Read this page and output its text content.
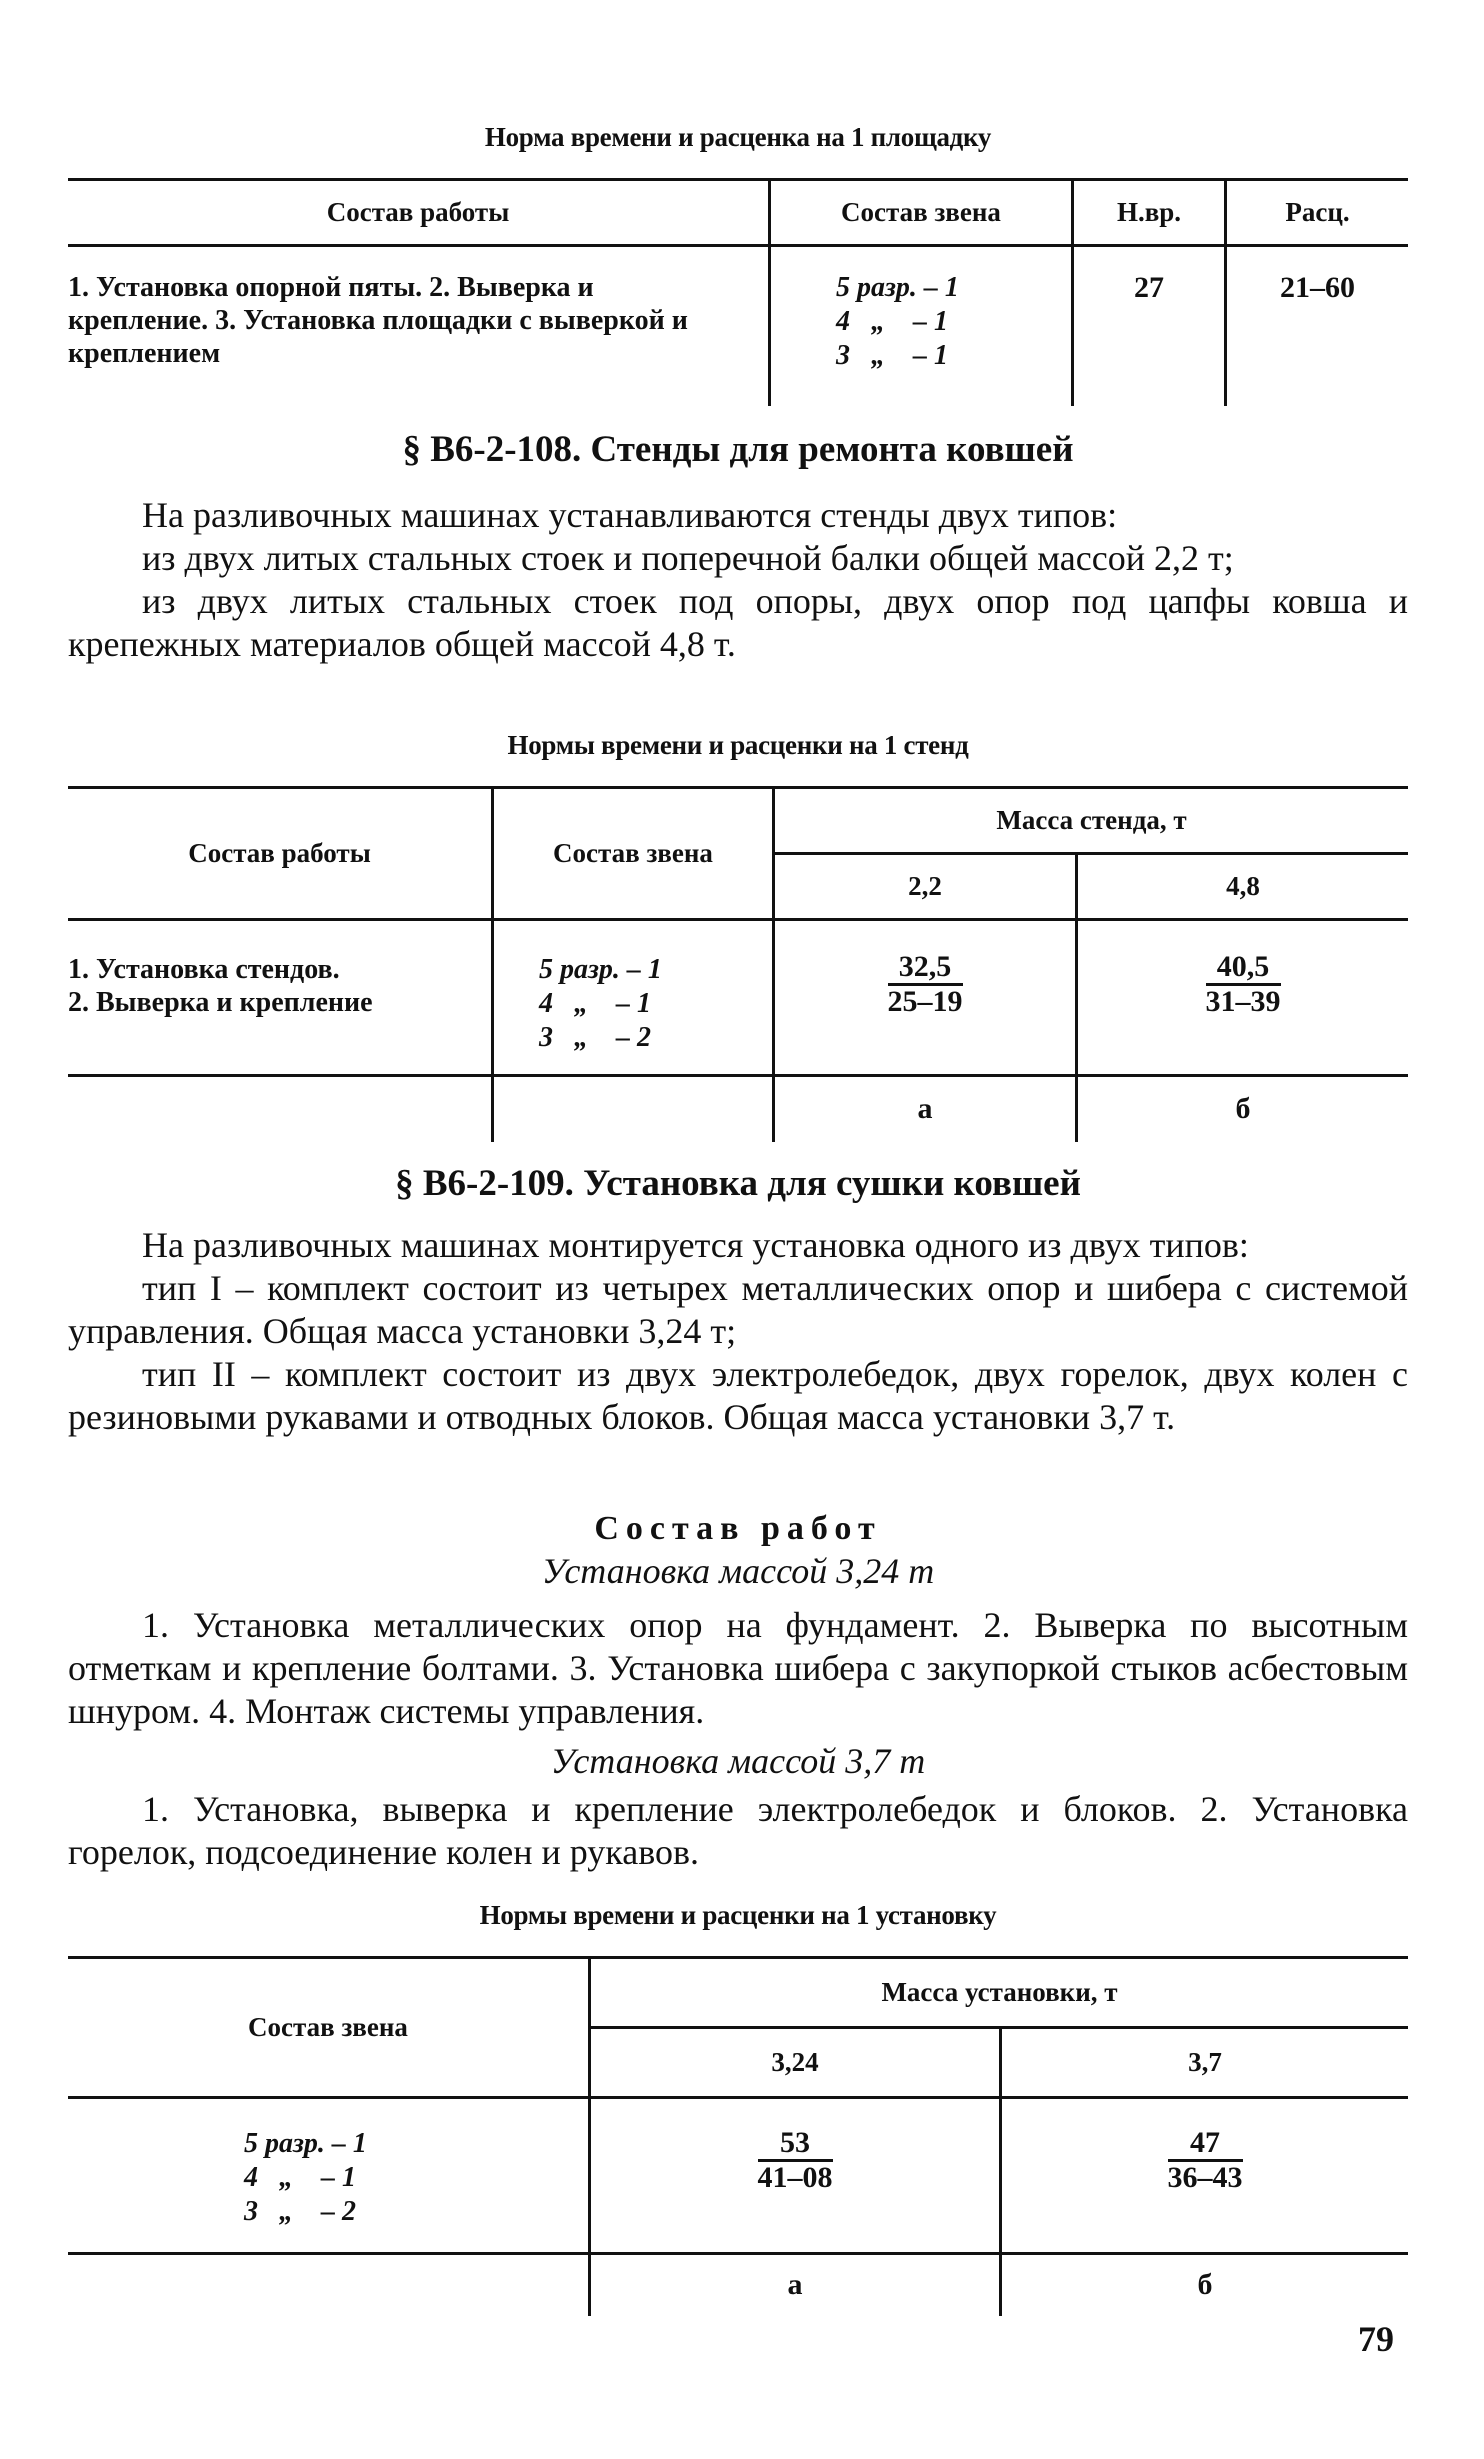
Норма времени и расценка на 1 площадку
Состав работы	Состав звена	Н.вр.	Расц.

1. Установка опорной пяты. 2. Выверка и крепление. 3. Установка площадки с выверкой и креплением	5 разр. – 1
4   „    – 1
3   „    – 1	27	21–60
§ В6-2-108. Стенды для ремонта ковшей

На разливочных машинах устанавливаются стенды двух типов:

из двух литых стальных стоек и поперечной балки общей массой 2,2 т;

из двух литых стальных стоек под опоры, двух опор под цапфы ковша и крепежных материалов общей массой 4,8 т.

Нормы времени и расценки на 1 стенд
Состав работы	Состав звена	Масса стенда, т	
		2,2	4,8

1. Установка стендов.
2. Выверка и крепление	5 разр. – 1
4   „    – 1
3   „    – 2	$\frac{32,5}{25-19}$	$\frac{40,5}{31-39}$

		а	б
§ В6-2-109. Установка для сушки ковшей

На разливочных машинах монтируется установка одного из двух типов:

тип I – комплект состоит из четырех металлических опор и шибера с системой управления. Общая масса установки 3,24 т;

тип II – комплект состоит из двух электролебедок, двух горелок, двух колен с резиновыми рукавами и отводных блоков. Общая масса установки 3,7 т.

Состав работ
Установка массой 3,24 т

1. Установка металлических опор на фундамент. 2. Выверка по высотным отметкам и крепление болтами. 3. Установка шибера с закупоркой стыков асбестовым шнуром. 4. Монтаж системы управления.

Установка массой 3,7 т

1. Установка, выверка и крепление электролебедок и блоков. 2. Установка горелок, подсоединение колен и рукавов.

Нормы времени и расценки на 1 установку
Состав звена	Масса установки, т	
	3,24	3,7

5 разр. – 1
4   „    – 1
3   „    – 2	$\frac{53}{41-08}$	$\frac{47}{36-43}$

	а	б
79
